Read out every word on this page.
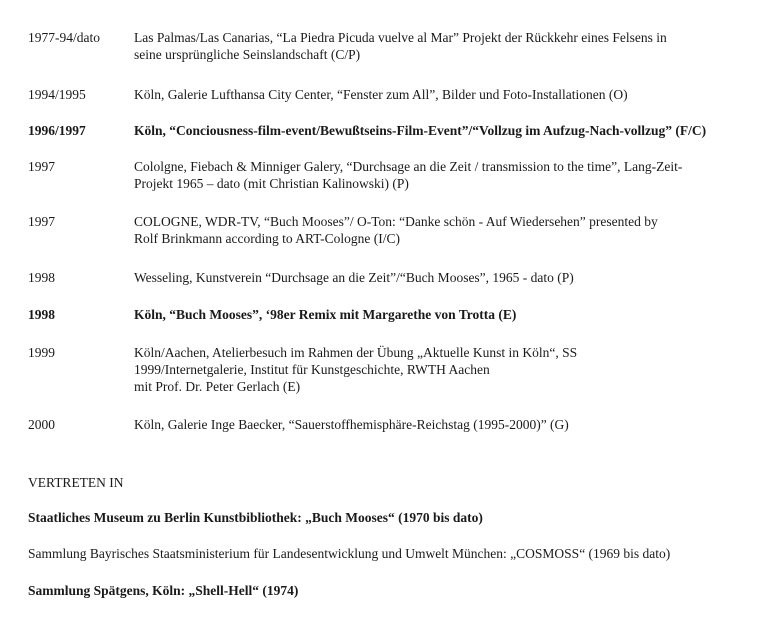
1977-94/dato	Las Palmas/Las Canarias, “La Piedra Picuda vuelve al Mar” Projekt der Rückkehr eines Felsens in
seine ursprüngliche Seinslandschaft (C/P)
1994/1995	Köln, Galerie Lufthansa City Center, “Fenster zum All”, Bilder und Foto-Installationen (O)
1996/1997	Köln, “Conciousness-film-event/Bewußtseins-Film-Event”/“Vollzug im Aufzug-Nach-vollzug” (F/C)
1997	Cololgne, Fiebach & Minniger Galery, “Durchsage an die Zeit / transmission to the time”, Lang-Zeit-
Projekt 1965 – dato (mit Christian Kalinowski) (P)
1997	COLOGNE, WDR-TV, “Buch Mooses”/ O-Ton: “Danke schön - Auf Wiedersehen” presented by
Rolf Brinkmann according to ART-Cologne (I/C)
1998	Wesseling, Kunstverein “Durchsage an die Zeit”/“Buch Mooses”, 1965 - dato (P)
1998	Köln, “Buch Mooses”, ‘98er Remix mit Margarethe von Trotta (E)
1999	Köln/Aachen, Atelierbesuch im Rahmen der Übung „Aktuelle Kunst in Köln“, SS
1999/Internetgalerie, Institut für Kunstgeschichte, RWTH Aachen
mit Prof. Dr. Peter Gerlach (E)
2000	Köln, Galerie Inge Baecker, “Sauerstoffhemisphäre-Reichstag (1995-2000)” (G)
VERTRETEN IN
Staatliches Museum zu Berlin Kunstbibliothek: „Buch Mooses“ (1970 bis dato)
Sammlung Bayrisches Staatsministerium für Landesentwicklung und Umwelt München: „COSMOSS“ (1969 bis dato)
Sammlung Spätgens, Köln: „Shell-Hell“ (1974)
